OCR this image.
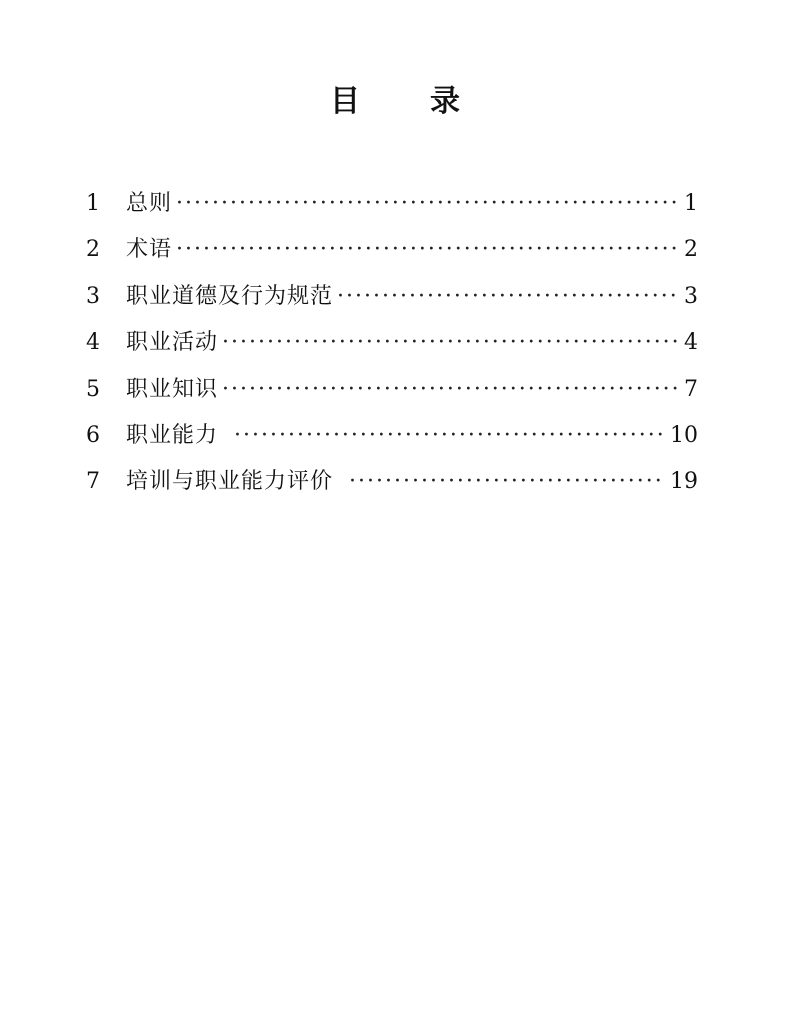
目录
1	总则 ·····	1
2	术语 ·····	2
3	职业道德及行为规范 ·····	3
4	职业活动 ·····	4
5	职业知识 ·····	7
6	职业能力 ·····	10
7	培训与职业能力评价 ·····	19
